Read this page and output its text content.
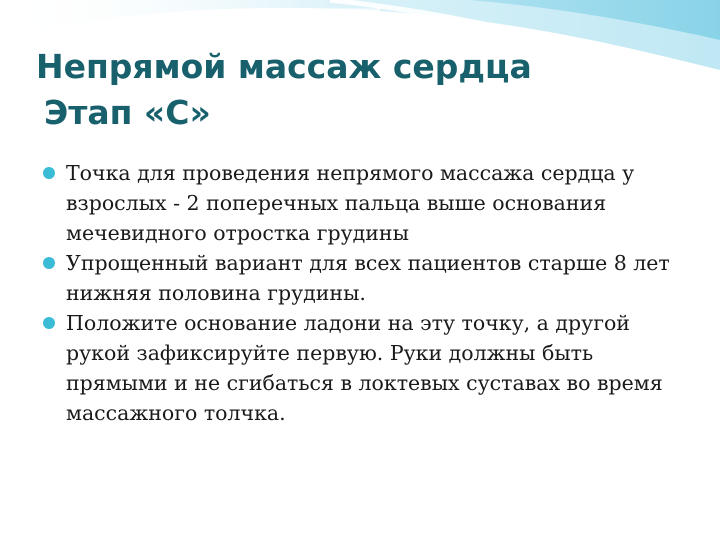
Непрямой массаж сердца
Этап «С»
Точка для проведения непрямого массажа сердца у взрослых - 2 поперечных пальца выше основания мечевидного отростка грудины
Упрощенный вариант для всех пациентов старше 8 лет нижняя половина грудины.
Положите основание ладони на эту точку, а другой рукой зафиксируйте первую. Руки должны быть прямыми и не сгибаться в локтевых суставах во время массажного толчка.
